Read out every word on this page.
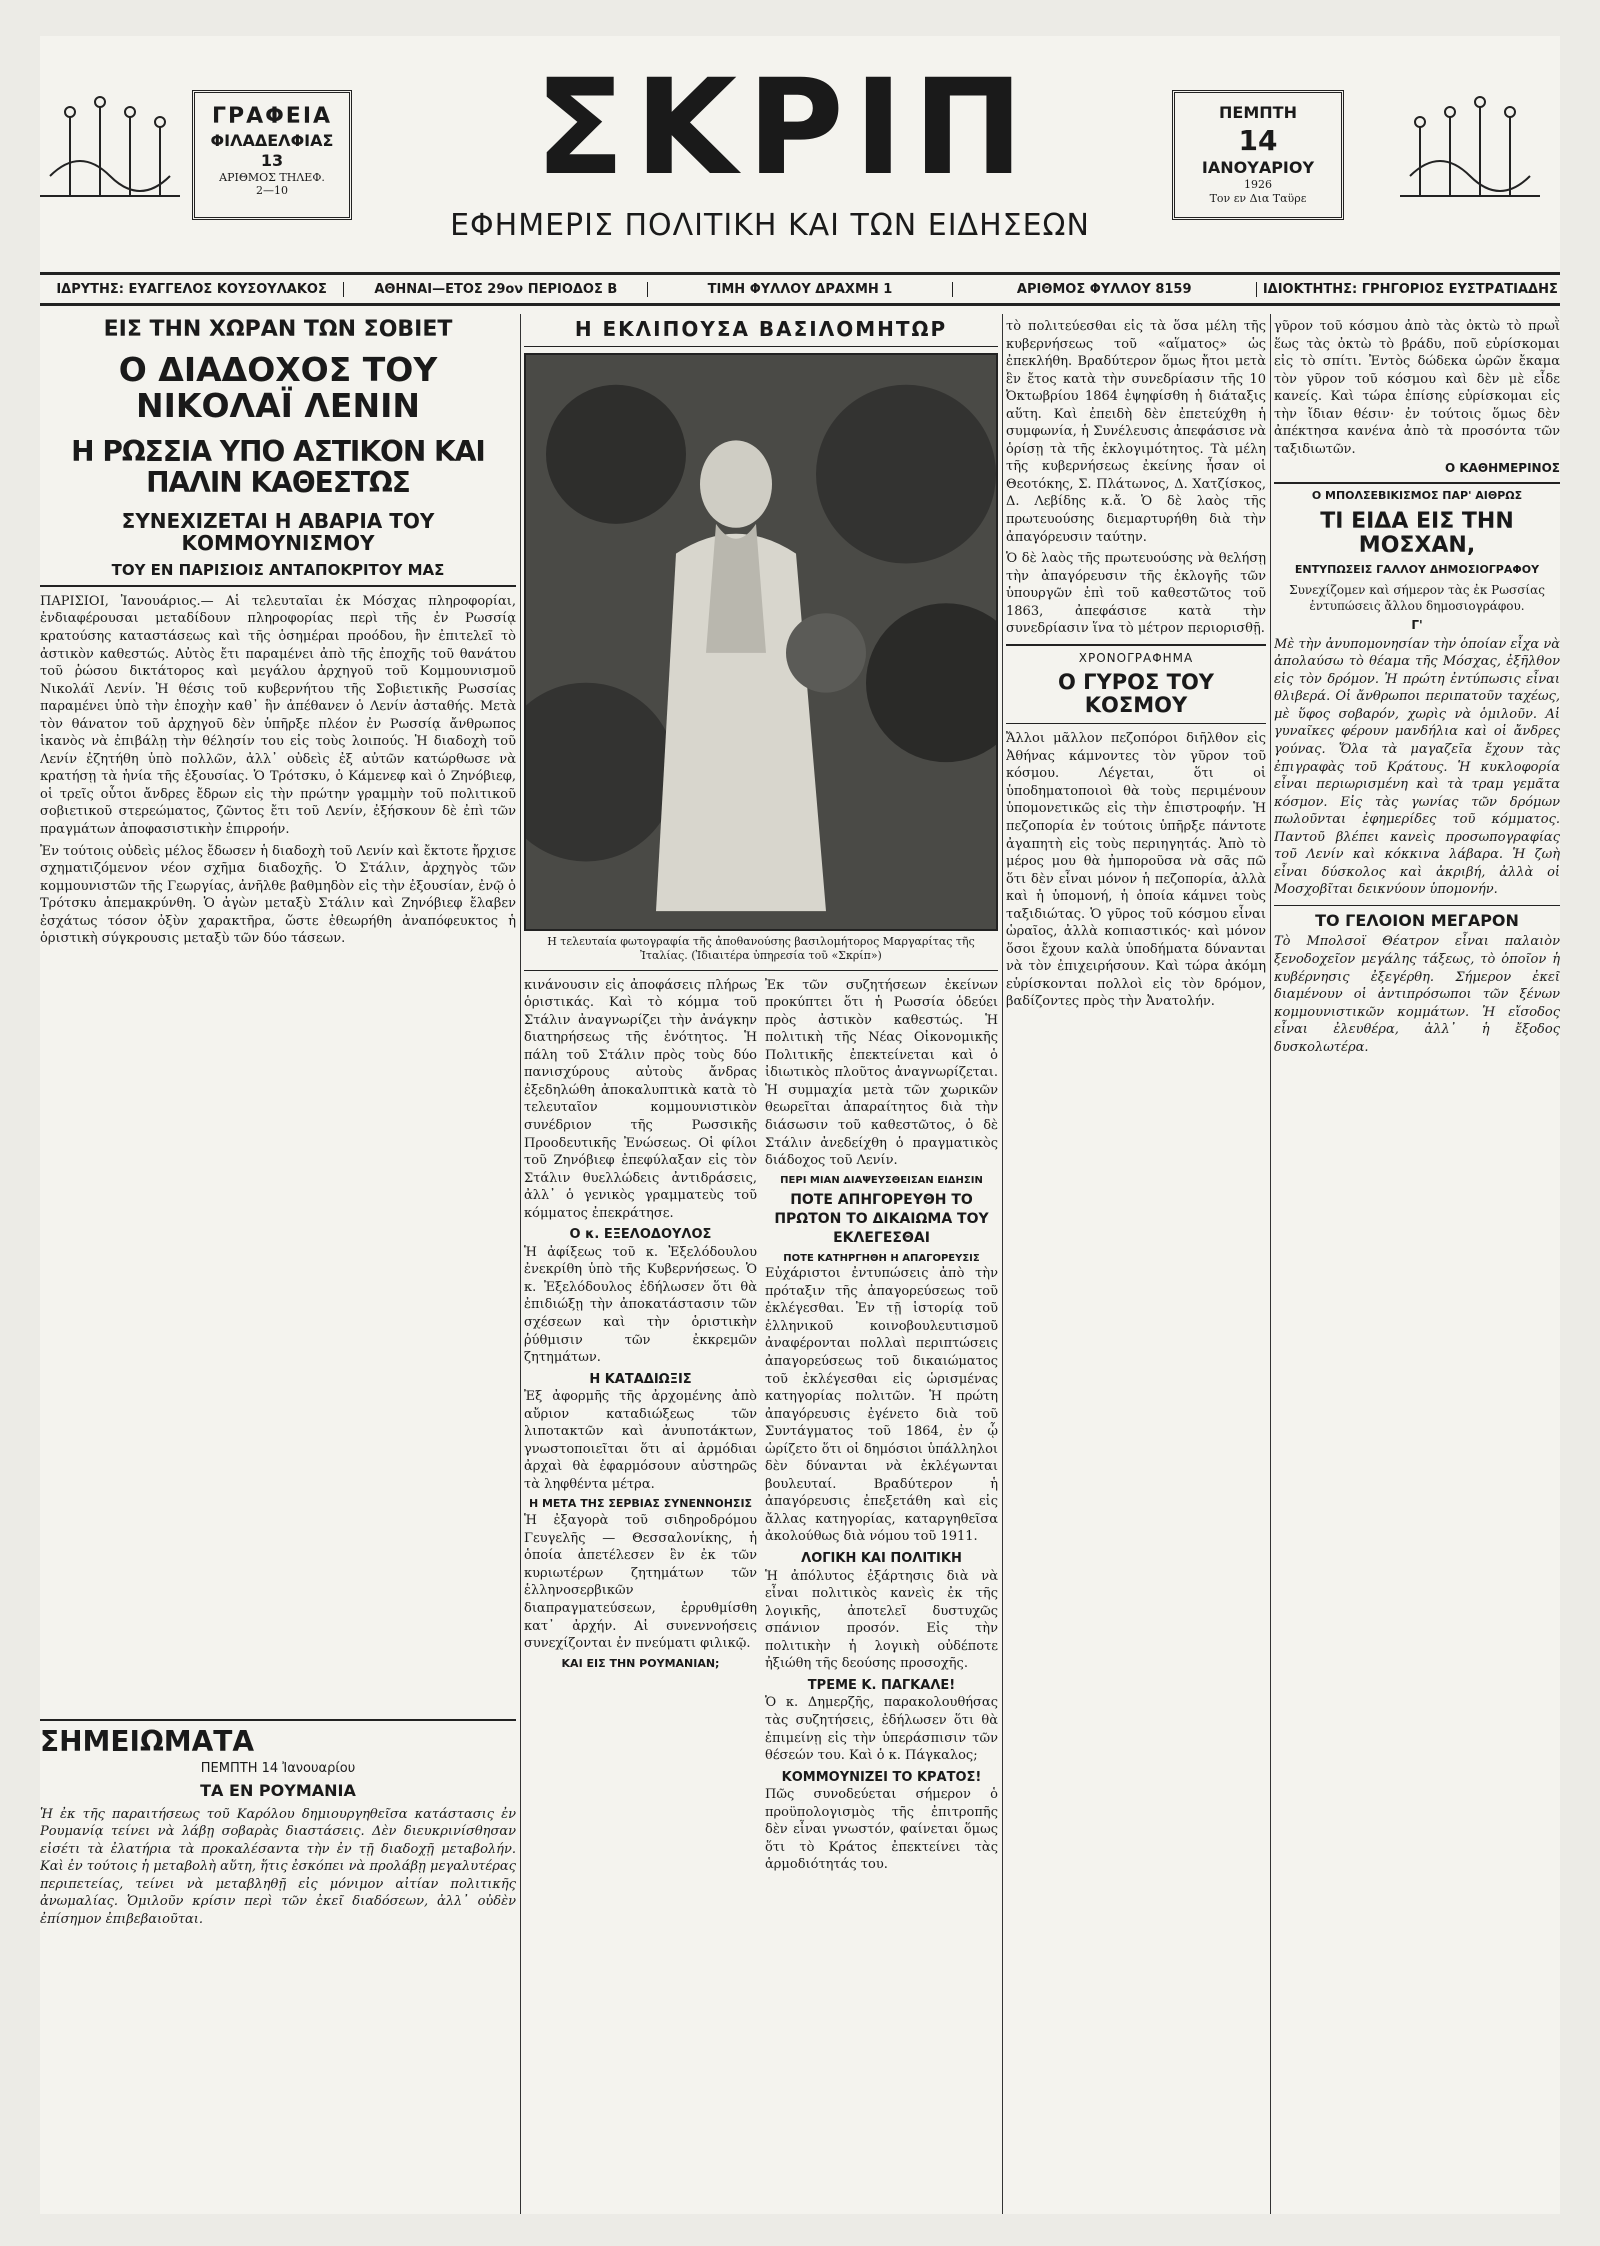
ΓΡΑΦΕΙΑ
ΦΙΛΑΔΕΛΦΙΑΣ 13
ΑΡΙΘΜΟΣ ΤΗΛΕΦ.
2—10	ΣΚΡΙΠ
ΕΦΗΜΕΡΙΣ ΠΟΛΙΤΙΚΗ ΚΑΙ ΤΩΝ ΕΙΔΗΣΕΩΝ
ΠΕΜΠΤΗ
14
ΙΑΝΟΥΑΡΙΟΥ
1926
Τον εν Δια Ταϋρε
ΙΔΡΥΤΗΣ: ΕΥΑΓΓΕΛΟΣ ΚΟΥΣΟΥΛΑΚΟΣ	ΑΘΗΝΑΙ—ΕΤΟΣ 29ον ΠΕΡΙΟΔΟΣ Β	ΤΙΜΗ ΦΥΛΛΟΥ ΔΡΑΧΜΗ 1	ΑΡΙΘΜΟΣ ΦΥΛΛΟΥ 8159	ΙΔΙΟΚΤΗΤΗΣ: ΓΡΗΓΟΡΙΟΣ ΕΥΣΤΡΑΤΙΑΔΗΣ
ΕΙΣ ΤΗΝ ΧΩΡΑΝ ΤΩΝ ΣΟΒΙΕΤ
Ο ΔΙΑΔΟΧΟΣ ΤΟΥ ΝΙΚΟΛΑΪ ΛΕΝΙΝ
Η ΡΩΣΣΙΑ ΥΠΟ ΑΣΤΙΚΟΝ ΚΑΙ ΠΑΛΙΝ ΚΑΘΕΣΤΩΣ
ΣΥΝΕΧΙΖΕΤΑΙ Η ΑΒΑΡΙΑ ΤΟΥ ΚΟΜΜΟΥΝΙΣΜΟΥ
ΤΟΥ ΕΝ ΠΑΡΙΣΙΟΙΣ ΑΝΤΑΠΟΚΡΙΤΟΥ ΜΑΣ

ΠΑΡΙΣΙΟΙ, Ἰανουάριος.— Αἱ τελευταῖαι ἐκ Μόσχας πληροφορίαι, ἐνδιαφέρουσαι μεταδίδουν πληροφορίας περὶ τῆς ἐν Ρωσσίᾳ κρατούσης καταστάσεως καὶ τῆς ὁσημέραι προόδου, ἣν ἐπιτελεῖ τὸ ἀστικὸν καθεστώς. Αὐτὸς ἔτι παραμένει ἀπὸ τῆς ἐποχῆς τοῦ θανάτου τοῦ ῥώσου δικτάτορος καὶ μεγάλου ἀρχηγοῦ τοῦ Κομμουνισμοῦ Νικολάϊ Λενίν. Ἡ θέσις τοῦ κυβερνήτου τῆς Σοβιετικῆς Ρωσσίας παραμένει ὑπὸ τὴν ἐποχὴν καθ᾽ ἣν ἀπέθανεν ὁ Λενίν ἀσταθής. Μετὰ τὸν θάνατον τοῦ ἀρχηγοῦ δὲν ὑπῆρξε πλέον ἐν Ρωσσίᾳ ἄνθρωπος ἱκανὸς νὰ ἐπιβάλῃ τὴν θέλησίν του εἰς τοὺς λοιπούς. Ἡ διαδοχὴ τοῦ Λενίν ἐζητήθη ὑπὸ πολλῶν, ἀλλ᾽ οὐδεὶς ἐξ αὐτῶν κατώρθωσε νὰ κρατήσῃ τὰ ἡνία τῆς ἐξουσίας. Ὁ Τρότσκυ, ὁ Κάμενεφ καὶ ὁ Ζηνόβιεφ, οἱ τρεῖς οὗτοι ἄνδρες ἔδρων εἰς τὴν πρώτην γραμμὴν τοῦ πολιτικοῦ σοβιετικοῦ στερεώματος, ζῶντος ἔτι τοῦ Λενίν, ἐξήσκουν δὲ ἐπὶ τῶν πραγμάτων ἀποφασιστικὴν ἐπιρροήν.

Ἐν τούτοις οὐδεὶς μέλος ἔδωσεν ἡ διαδοχὴ τοῦ Λενίν καὶ ἔκτοτε ἤρχισε σχηματιζόμενον νέον σχῆμα διαδοχῆς. Ὁ Στάλιν, ἀρχηγὸς τῶν κομμουνιστῶν τῆς Γεωργίας, ἀνῆλθε βαθμηδὸν εἰς τὴν ἐξουσίαν, ἐνῷ ὁ Τρότσκυ ἀπεμακρύνθη. Ὁ ἀγὼν μεταξὺ Στάλιν καὶ Ζηνόβιεφ ἔλαβεν ἐσχάτως τόσον ὀξὺν χαρακτῆρα, ὥστε ἐθεωρήθη ἀναπόφευκτος ἡ ὁριστικὴ σύγκρουσις μεταξὺ τῶν δύο τάσεων.

ΣΗΜΕΙΩΜΑΤΑ
ΠΕΜΠΤΗ 14 Ἰανουαρίου
ΤΑ ΕΝ ΡΟΥΜΑΝΙΑ
Ἡ ἐκ τῆς παραιτήσεως τοῦ Καρόλου δημιουργηθεῖσα κατάστασις ἐν Ρουμανίᾳ τείνει νὰ λάβῃ σοβαρὰς διαστάσεις. Δὲν διευκρινίσθησαν εἰσέτι τὰ ἐλατήρια τὰ προκαλέσαντα τὴν ἐν τῇ διαδοχῇ μεταβολήν. Καὶ ἐν τούτοις ἡ μεταβολὴ αὕτη, ἥτις ἐσκόπει νὰ προλάβῃ μεγαλυτέρας περιπετείας, τείνει νὰ μεταβληθῇ εἰς μόνιμον αἰτίαν πολιτικῆς ἀνωμαλίας. Ὁμιλοῦν κρίσιν περὶ τῶν ἐκεῖ διαδόσεων, ἀλλ᾽ οὐδὲν ἐπίσημον ἐπιβεβαιοῦται.
Η ΕΚΛΙΠΟΥΣΑ ΒΑΣΙΛΟΜΗΤΩΡ
Η τελευταία φωτογραφία τῆς ἀποθανούσης βασιλομήτορος Μαργαρίτας τῆς Ἰταλίας. (Ἰδιαιτέρα ὑπηρεσία τοῦ «Σκρίπ»)

κινάνουσιν εἰς ἀποφάσεις πλήρως ὁριστικάς. Καὶ τὸ κόμμα τοῦ Στάλιν ἀναγνωρίζει τὴν ἀνάγκην διατηρήσεως τῆς ἑνότητος. Ἡ πάλη τοῦ Στάλιν πρὸς τοὺς δύο πανισχύρους αὐτοὺς ἄνδρας ἐξεδηλώθη ἀποκαλυπτικὰ κατὰ τὸ τελευταῖον κομμουνιστικὸν συνέδριον τῆς Ρωσσικῆς Προοδευτικῆς Ἐνώσεως. Οἱ φίλοι τοῦ Ζηνόβιεφ ἐπεφύλαξαν εἰς τὸν Στάλιν θυελλώδεις ἀντιδράσεις, ἀλλ᾽ ὁ γενικὸς γραμματεὺς τοῦ κόμματος ἐπεκράτησε.

Ο κ. ΕΞΕΛΟΔΟΥΛΟΣ

Ἡ ἀφίξεως τοῦ κ. Ἐξελόδουλου ἐνεκρίθη ὑπὸ τῆς Κυβερνήσεως. Ὁ κ. Ἐξελόδουλος ἐδήλωσεν ὅτι θὰ ἐπιδιώξῃ τὴν ἀποκατάστασιν τῶν σχέσεων καὶ τὴν ὁριστικὴν ῥύθμισιν τῶν ἐκκρεμῶν ζητημάτων.

Η ΚΑΤΑΔΙΩΞΙΣ

Ἐξ ἀφορμῆς τῆς ἀρχομένης ἀπὸ αὔριον καταδιώξεως τῶν λιποτακτῶν καὶ ἀνυποτάκτων, γνωστοποιεῖται ὅτι αἱ ἀρμόδιαι ἀρχαὶ θὰ ἐφαρμόσουν αὐστηρῶς τὰ ληφθέντα μέτρα.

Η ΜΕΤΑ ΤΗΣ ΣΕΡΒΙΑΣ ΣΥΝΕΝΝΟΗΣΙΣ

Ἡ ἐξαγορὰ τοῦ σιδηροδρόμου Γευγελῆς — Θεσσαλονίκης, ἡ ὁποία ἀπετέλεσεν ἓν ἐκ τῶν κυριωτέρων ζητημάτων τῶν ἑλληνοσερβικῶν διαπραγματεύσεων, ἐρρυθμίσθη κατ᾽ ἀρχήν. Αἱ συνεννοήσεις συνεχίζονται ἐν πνεύματι φιλικῷ.

ΚΑΙ ΕΙΣ ΤΗΝ ΡΟΥΜΑΝΙΑΝ;

Ἐκ τῶν συζητήσεων ἐκείνων προκύπτει ὅτι ἡ Ρωσσία ὁδεύει πρὸς ἀστικὸν καθεστώς. Ἡ πολιτικὴ τῆς Νέας Οἰκονομικῆς Πολιτικῆς ἐπεκτείνεται καὶ ὁ ἰδιωτικὸς πλοῦτος ἀναγνωρίζεται. Ἡ συμμαχία μετὰ τῶν χωρικῶν θεωρεῖται ἀπαραίτητος διὰ τὴν διάσωσιν τοῦ καθεστῶτος, ὁ δὲ Στάλιν ἀνεδείχθη ὁ πραγματικὸς διάδοχος τοῦ Λενίν.

ΠΕΡΙ ΜΙΑΝ ΔΙΑΨΕΥΣΘΕΙΣΑΝ ΕΙΔΗΣΙΝ
ΠΟΤΕ ΑΠΗΓΟΡΕΥΘΗ ΤΟ ΠΡΩΤΟΝ ΤΟ ΔΙΚΑΙΩΜΑ ΤΟΥ ΕΚΛΕΓΕΣΘΑΙ
ΠΟΤΕ ΚΑΤΗΡΓΗΘΗ Η ΑΠΑΓΟΡΕΥΣΙΣ

Εὐχάριστοι ἐντυπώσεις ἀπὸ τὴν πρόταξιν τῆς ἀπαγορεύσεως τοῦ ἐκλέγεσθαι. Ἐν τῇ ἱστορίᾳ τοῦ ἑλληνικοῦ κοινοβουλευτισμοῦ ἀναφέρονται πολλαὶ περιπτώσεις ἀπαγορεύσεως τοῦ δικαιώματος τοῦ ἐκλέγεσθαι εἰς ὡρισμένας κατηγορίας πολιτῶν. Ἡ πρώτη ἀπαγόρευσις ἐγένετο διὰ τοῦ Συντάγματος τοῦ 1864, ἐν ᾧ ὡρίζετο ὅτι οἱ δημόσιοι ὑπάλληλοι δὲν δύνανται νὰ ἐκλέγωνται βουλευταί. Βραδύτερον ἡ ἀπαγόρευσις ἐπεξετάθη καὶ εἰς ἄλλας κατηγορίας, καταργηθεῖσα ἀκολούθως διὰ νόμου τοῦ 1911.

ΛΟΓΙΚΗ ΚΑΙ ΠΟΛΙΤΙΚΗ

Ἡ ἀπόλυτος ἐξάρτησις διὰ νὰ εἶναι πολιτικὸς κανεὶς ἐκ τῆς λογικῆς, ἀποτελεῖ δυστυχῶς σπάνιον προσόν. Εἰς τὴν πολιτικὴν ἡ λογικὴ οὐδέποτε ἠξιώθη τῆς δεούσης προσοχῆς.

ΤΡΕΜΕ Κ. ΠΑΓΚΑΛΕ!

Ὁ κ. Δημερζῆς, παρακολουθήσας τὰς συζητήσεις, ἐδήλωσεν ὅτι θὰ ἐπιμείνῃ εἰς τὴν ὑπεράσπισιν τῶν θέσεών του. Καὶ ὁ κ. Πάγκαλος;

ΚΟΜΜΟΥΝΙΖΕΙ ΤΟ ΚΡΑΤΟΣ!

Πῶς συνοδεύεται σήμερον ὁ προϋπολογισμὸς τῆς ἐπιτροπῆς δὲν εἶναι γνωστόν, φαίνεται ὅμως ὅτι τὸ Κράτος ἐπεκτείνει τὰς ἁρμοδιότητάς του.

τὸ πολιτεύεσθαι εἰς τὰ ὅσα μέλη τῆς κυβερνήσεως τοῦ «αἵματος» ὡς ἐπεκλήθη. Βραδύτερον ὅμως ἤτοι μετὰ ἓν ἔτος κατὰ τὴν συνεδρίασιν τῆς 10 Ὀκτωβρίου 1864 ἐψηφίσθη ἡ διάταξις αὕτη. Καὶ ἐπειδὴ δὲν ἐπετεύχθη ἡ συμφωνία, ἡ Συνέλευσις ἀπεφάσισε νὰ ὁρίσῃ τὰ τῆς ἐκλογιμότητος. Τὰ μέλη τῆς κυβερνήσεως ἐκείνης ἦσαν οἱ Θεοτόκης, Σ. Πλάτωνος, Δ. Χατζίσκος, Δ. Λεβίδης κ.ἄ. Ὁ δὲ λαὸς τῆς πρωτευούσης διεμαρτυρήθη διὰ τὴν ἀπαγόρευσιν ταύτην.

Ὁ δὲ λαὸς τῆς πρωτευούσης νὰ θελήσῃ τὴν ἀπαγόρευσιν τῆς ἐκλογῆς τῶν ὑπουργῶν ἐπὶ τοῦ καθεστῶτος τοῦ 1863, ἀπεφάσισε κατὰ τὴν συνεδρίασιν ἵνα τὸ μέτρον περιορισθῇ.

ΧΡΟΝΟΓΡΑΦΗΜΑ
Ο ΓΥΡΟΣ ΤΟΥ ΚΟΣΜΟΥ
Ἄλλοι μᾶλλον πεζοπόροι διῆλθον εἰς Ἀθήνας κάμνοντες τὸν γῦρον τοῦ κόσμου. Λέγεται, ὅτι οἱ ὑποδηματοποιοὶ θὰ τοὺς περιμένουν ὑπομονετικῶς εἰς τὴν ἐπιστροφήν. Ἡ πεζοπορία ἐν τούτοις ὑπῆρξε πάντοτε ἀγαπητὴ εἰς τοὺς περιηγητάς. Ἀπὸ τὸ μέρος μου θὰ ἠμποροῦσα νὰ σᾶς πῶ ὅτι δὲν εἶναι μόνον ἡ πεζοπορία, ἀλλὰ καὶ ἡ ὑπομονή, ἡ ὁποία κάμνει τοὺς ταξιδιώτας. Ὁ γῦρος τοῦ κόσμου εἶναι ὡραῖος, ἀλλὰ κοπιαστικός· καὶ μόνον ὅσοι ἔχουν καλὰ ὑποδήματα δύνανται νὰ τὸν ἐπιχειρήσουν. Καὶ τώρα ἀκόμη εὑρίσκονται πολλοὶ εἰς τὸν δρόμον, βαδίζοντες πρὸς τὴν Ἀνατολήν.
γῦρον τοῦ κόσμου ἀπὸ τὰς ὀκτὼ τὸ πρωῒ ἕως τὰς ὀκτὼ τὸ βράδυ, ποῦ εὑρίσκομαι εἰς τὸ σπίτι. Ἐντὸς δώδεκα ὡρῶν ἔκαμα τὸν γῦρον τοῦ κόσμου καὶ δὲν μὲ εἶδε κανείς. Καὶ τώρα ἐπίσης εὑρίσκομαι εἰς τὴν ἴδιαν θέσιν· ἐν τούτοις ὅμως δὲν ἀπέκτησα κανένα ἀπὸ τὰ προσόντα τῶν ταξιδιωτῶν.
Ο ΚΑΘΗΜΕΡΙΝΟΣ
Ο ΜΠΟΛΣΕΒΙΚΙΣΜΟΣ ΠΑΡ' ΑΙΘΡΩΣ
ΤΙ ΕΙΔΑ ΕΙΣ ΤΗΝ ΜΟΣΧΑΝ,
ΕΝΤΥΠΩΣΕΙΣ ΓΑΛΛΟΥ ΔΗΜΟΣΙΟΓΡΑΦΟΥ
Συνεχίζομεν καὶ σήμερον τὰς ἐκ Ρωσσίας ἐντυπώσεις ἄλλου δημοσιογράφου.
Γ'
Μὲ τὴν ἀνυπομονησίαν τὴν ὁποίαν εἶχα νὰ ἀπολαύσω τὸ θέαμα τῆς Μόσχας, ἐξῆλθον εἰς τὸν δρόμον. Ἡ πρώτη ἐντύπωσις εἶναι θλιβερά. Οἱ ἄνθρωποι περιπατοῦν ταχέως, μὲ ὕφος σοβαρόν, χωρὶς νὰ ὁμιλοῦν. Αἱ γυναῖκες φέρουν μανδήλια καὶ οἱ ἄνδρες γούνας. Ὅλα τὰ μαγαζεῖα ἔχουν τὰς ἐπιγραφὰς τοῦ Κράτους. Ἡ κυκλοφορία εἶναι περιωρισμένη καὶ τὰ τραμ γεμᾶτα κόσμον. Εἰς τὰς γωνίας τῶν δρόμων πωλοῦνται ἐφημερίδες τοῦ κόμματος. Παντοῦ βλέπει κανεὶς προσωπογραφίας τοῦ Λενίν καὶ κόκκινα λάβαρα. Ἡ ζωὴ εἶναι δύσκολος καὶ ἀκριβή, ἀλλὰ οἱ Μοσχοβῖται δεικνύουν ὑπομονήν.
ΤΟ ΓΕΛΟΙΟΝ ΜΕΓΑΡΟΝ
Τὸ Μπολσοϊ Θέατρον εἶναι παλαιὸν ξενοδοχεῖον μεγάλης τάξεως, τὸ ὁποῖον ἡ κυβέρνησις ἐξεγέρθη. Σήμερον ἐκεῖ διαμένουν οἱ ἀντιπρόσωποι τῶν ξένων κομμουνιστικῶν κομμάτων. Ἡ εἴσοδος εἶναι ἐλευθέρα, ἀλλ᾽ ἡ ἔξοδος δυσκολωτέρα.
